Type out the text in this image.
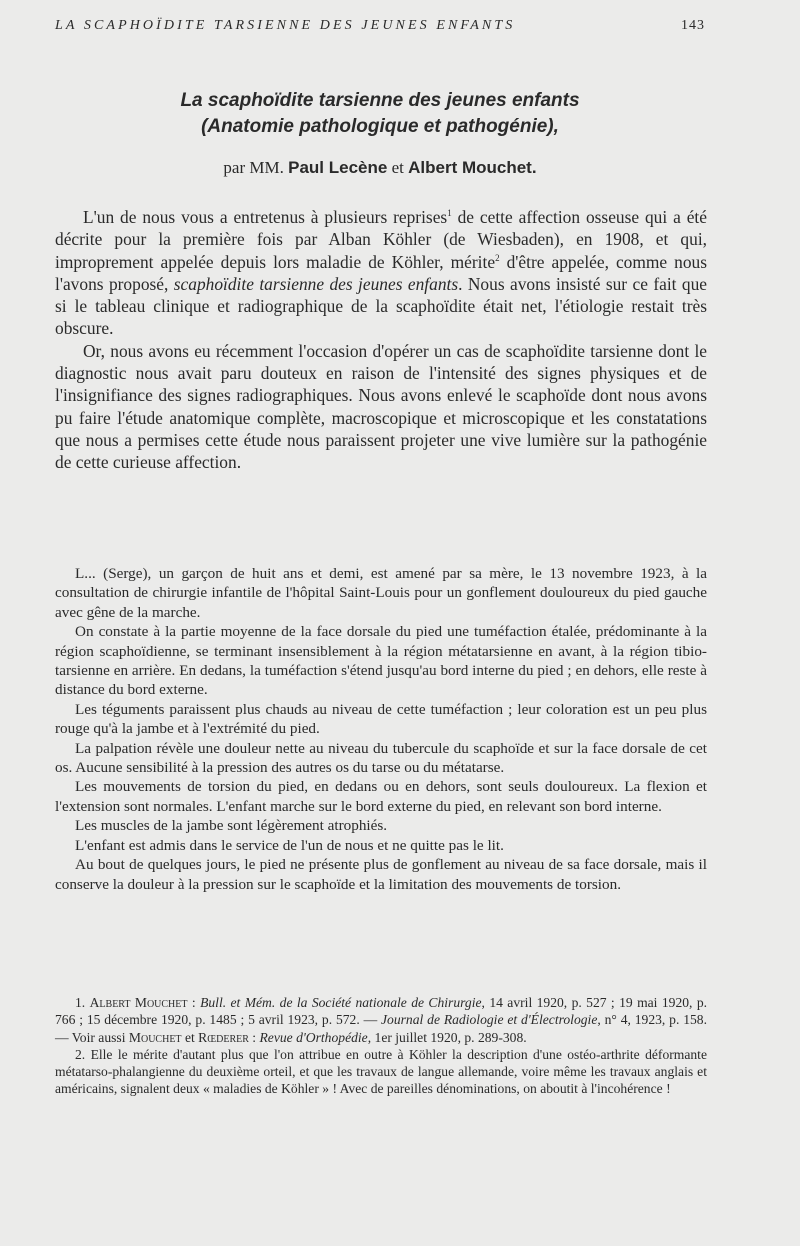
LA SCAPHOÏDITE TARSIENNE DES JEUNES ENFANTS	143
La scaphoïdite tarsienne des jeunes enfants
(Anatomie pathologique et pathogénie),
par MM. Paul Lecène et Albert Mouchet.

L'un de nous vous a entretenus à plusieurs reprises$^1$ de cette affection osseuse qui a été décrite pour la première fois par Alban Köhler (de Wiesbaden), en 1908, et qui, improprement appelée depuis lors maladie de Köhler, mérite$^2$ d'être appelée, comme nous l'avons proposé, scaphoïdite tarsienne des jeunes enfants. Nous avons insisté sur ce fait que si le tableau clinique et radiographique de la scaphoïdite était net, l'étiologie restait très obscure.

Or, nous avons eu récemment l'occasion d'opérer un cas de scaphoïdite tarsienne dont le diagnostic nous avait paru douteux en raison de l'intensité des signes physiques et de l'insignifiance des signes radiographiques. Nous avons enlevé le scaphoïde dont nous avons pu faire l'étude anatomique complète, macroscopique et microscopique et les constatations que nous a permises cette étude nous paraissent projeter une vive lumière sur la pathogénie de cette curieuse affection.

L... (Serge), un garçon de huit ans et demi, est amené par sa mère, le 13 novembre 1923, à la consultation de chirurgie infantile de l'hôpital Saint-Louis pour un gonflement douloureux du pied gauche avec gêne de la marche.

On constate à la partie moyenne de la face dorsale du pied une tuméfaction étalée, prédominante à la région scaphoïdienne, se terminant insensiblement à la région métatarsienne en avant, à la région tibio-tarsienne en arrière. En dedans, la tuméfaction s'étend jusqu'au bord interne du pied ; en dehors, elle reste à distance du bord externe.

Les téguments paraissent plus chauds au niveau de cette tuméfaction ; leur coloration est un peu plus rouge qu'à la jambe et à l'extrémité du pied.

La palpation révèle une douleur nette au niveau du tubercule du scaphoïde et sur la face dorsale de cet os. Aucune sensibilité à la pression des autres os du tarse ou du métatarse.

Les mouvements de torsion du pied, en dedans ou en dehors, sont seuls douloureux. La flexion et l'extension sont normales. L'enfant marche sur le bord externe du pied, en relevant son bord interne.

Les muscles de la jambe sont légèrement atrophiés.

L'enfant est admis dans le service de l'un de nous et ne quitte pas le lit.

Au bout de quelques jours, le pied ne présente plus de gonflement au niveau de sa face dorsale, mais il conserve la douleur à la pression sur le scaphoïde et la limitation des mouvements de torsion.

1. Albert Mouchet : Bull. et Mém. de la Société nationale de Chirurgie, 14 avril 1920, p. 527 ; 19 mai 1920, p. 766 ; 15 décembre 1920, p. 1485 ; 5 avril 1923, p. 572. — Journal de Radiologie et d'Électrologie, n° 4, 1923, p. 158. — Voir aussi Mouchet et Rœderer : Revue d'Orthopédie, 1er juillet 1920, p. 289-308.

2. Elle le mérite d'autant plus que l'on attribue en outre à Köhler la description d'une ostéo-arthrite déformante métatarso-phalangienne du deuxième orteil, et que les travaux de langue allemande, voire même les travaux anglais et américains, signalent deux « maladies de Köhler » ! Avec de pareilles dénominations, on aboutit à l'incohérence !
